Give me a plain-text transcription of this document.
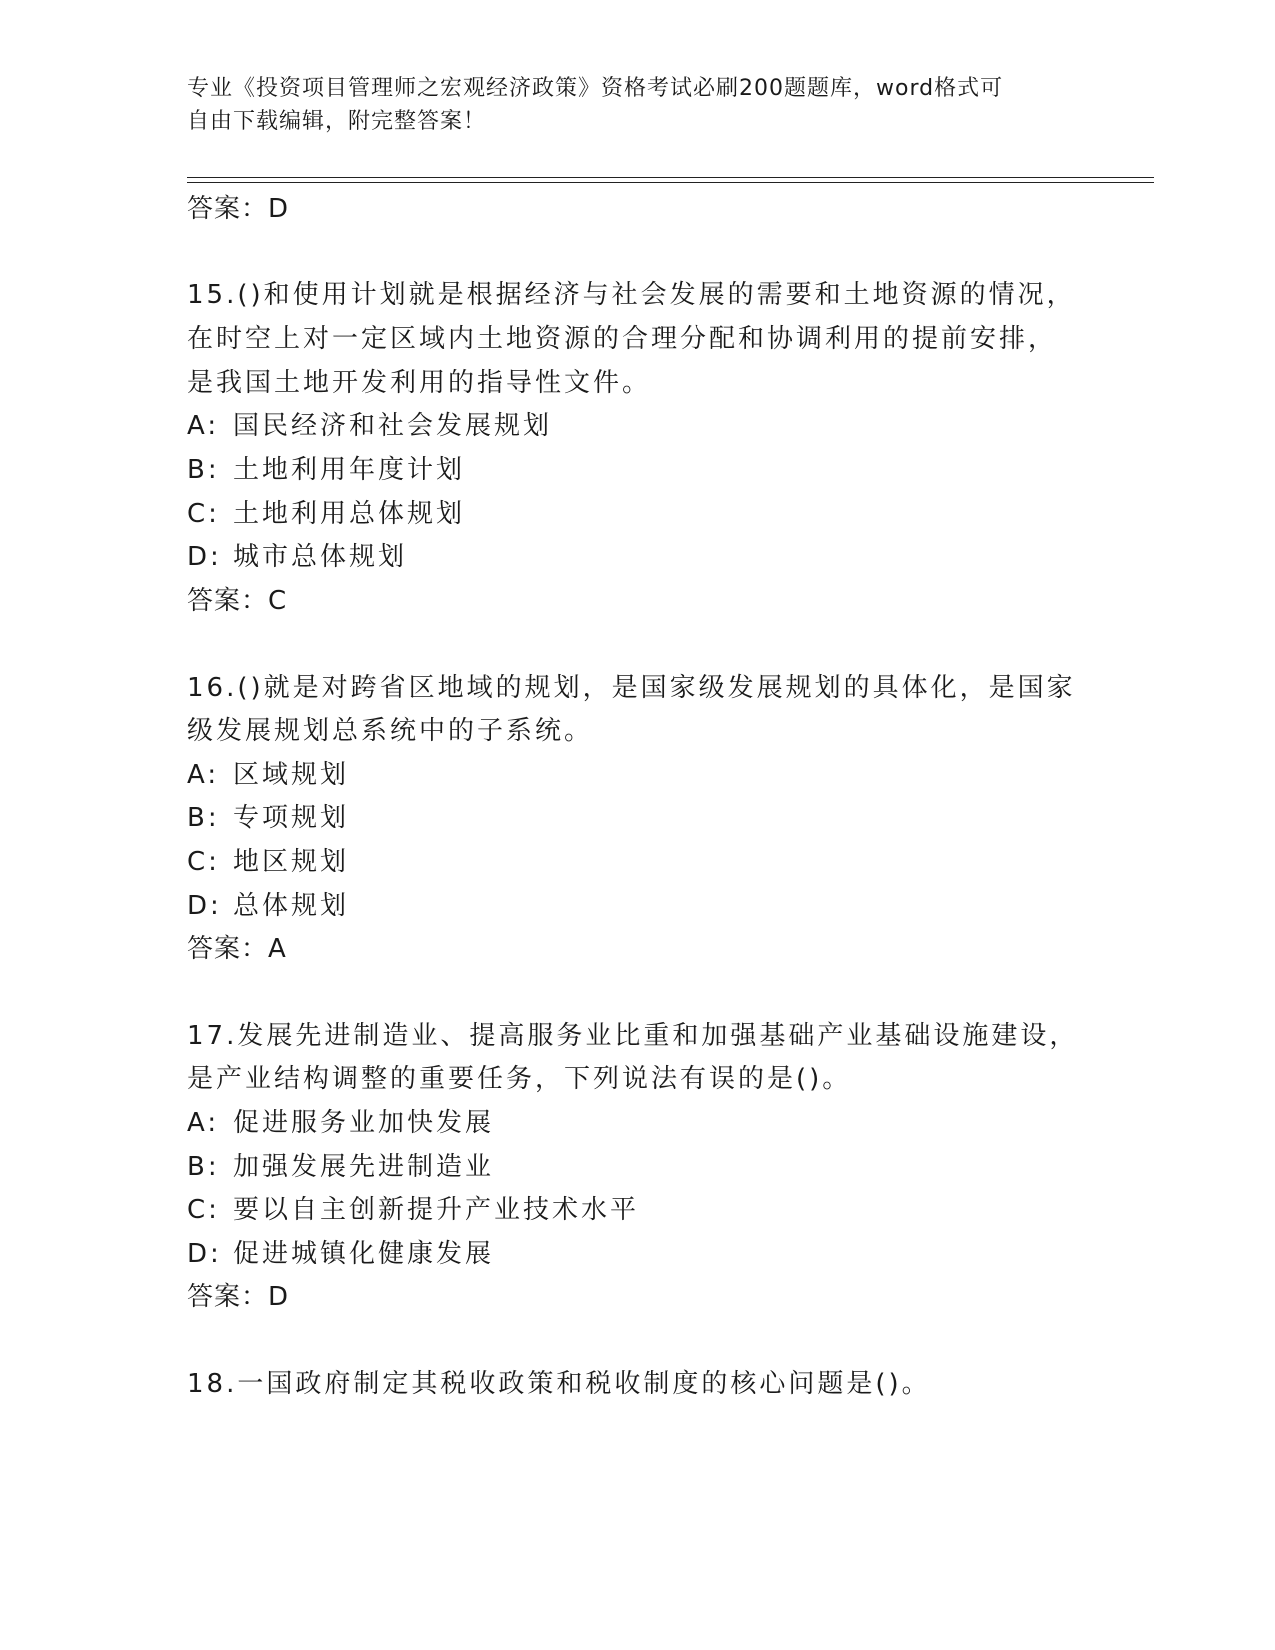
专业《投资项目管理师之宏观经济政策》资格考试必刷200题题库，word格式可
自由下载编辑，附完整答案！
答案：D
15.()和使用计划就是根据经济与社会发展的需要和土地资源的情况，
在时空上对一定区域内土地资源的合理分配和协调利用的提前安排，
是我国土地开发利用的指导性文件。
A: 国民经济和社会发展规划
B: 土地利用年度计划
C: 土地利用总体规划
D: 城市总体规划
答案：C
16.()就是对跨省区地域的规划，是国家级发展规划的具体化，是国家
级发展规划总系统中的子系统。
A: 区域规划
B: 专项规划
C: 地区规划
D: 总体规划
答案：A
17.发展先进制造业、提高服务业比重和加强基础产业基础设施建设，
是产业结构调整的重要任务，下列说法有误的是()。
A: 促进服务业加快发展
B: 加强发展先进制造业
C: 要以自主创新提升产业技术水平
D: 促进城镇化健康发展
答案：D
18.一国政府制定其税收政策和税收制度的核心问题是()。
